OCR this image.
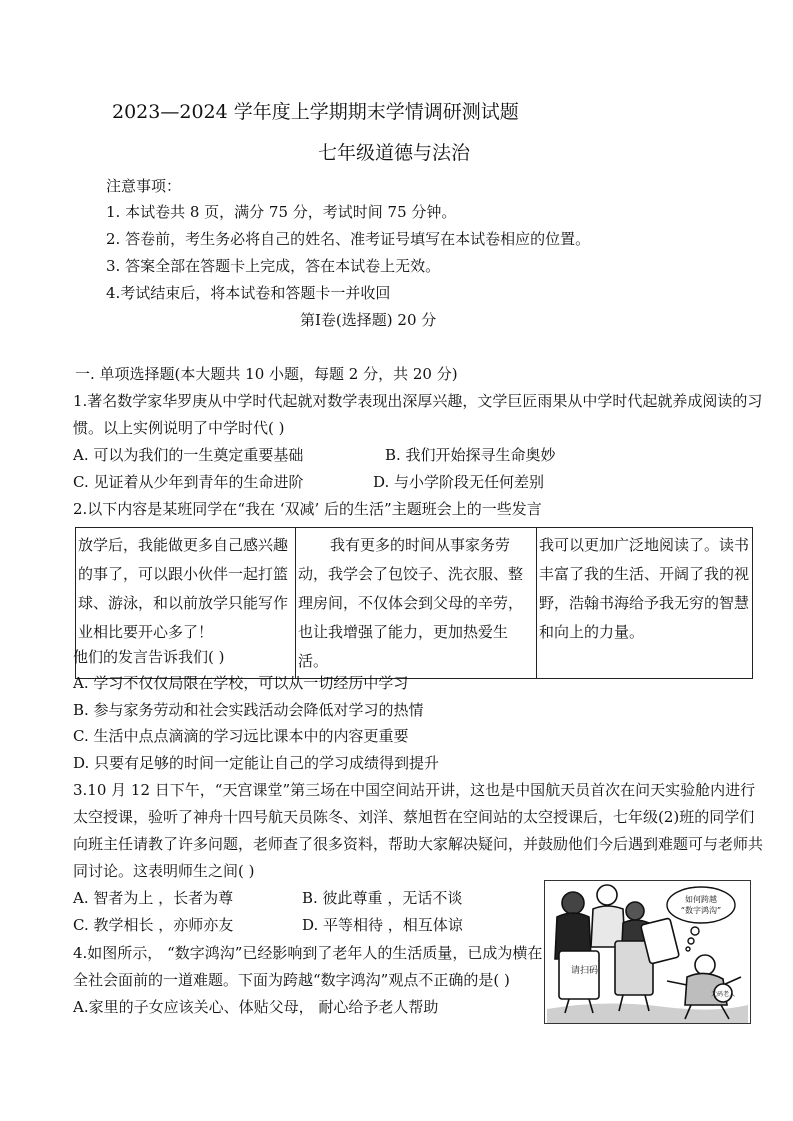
2023—2024 学年度上学期期末学情调研测试题
七年级道德与法治
注意事项：
1. 本试卷共 8 页，满分 75 分，考试时间 75 分钟。
2. 答卷前，考生务必将自己的姓名、准考证号填写在本试卷相应的位置。
3. 答案全部在答题卡上完成，答在本试卷上无效。
4.考试结束后，将本试卷和答题卡一并收回
第Ⅰ卷(选择题) 20 分
一. 单项选择题(本大题共 10 小题，每题 2 分，共 20 分)
1.著名数学家华罗庚从中学时代起就对数学表现出深厚兴趣，文学巨匠雨果从中学时代起就养成阅读的习
惯。以上实例说明了中学时代( )
A. 可以为我们的一生奠定重要基础	B. 我们开始探寻生命奥妙
C. 见证着从少年到青年的生命进阶	D. 与小学阶段无任何差别
2.以下内容是某班同学在“我在 ‘双减’ 后的生活”主题班会上的一些发言
放学后，我能做更多自己感兴趣的事了，可以跟小伙伴一起打篮球、游泳，和以前放学只能写作业相比要开心多了！	我有更多的时间从事家务劳动，我学会了包饺子、洗衣服、整理房间，不仅体会到父母的辛劳，也让我增强了能力，更加热爱生活。	我可以更加广泛地阅读了。读书丰富了我的生活、开阔了我的视野，浩翰书海给予我无穷的智慧和向上的力量。
他们的发言告诉我们( )
A. 学习不仅仅局限在学校，可以从一切经历中学习
B. 参与家务劳动和社会实践活动会降低对学习的热情
C. 生活中点点滴滴的学习远比课本中的内容更重要
D. 只要有足够的时间一定能让自己的学习成绩得到提升
3.10 月 12 日下午，“天宫课堂”第三场在中国空间站开讲，这也是中国航天员首次在问天实验舱内进行
太空授课，验听了神舟十四号航天员陈冬、刘洋、蔡旭哲在空间站的太空授课后，七年级(2)班的同学们
向班主任请教了许多问题，老师查了很多资料，帮助大家解决疑问，并鼓励他们今后遇到难题可与老师共
同讨论。这表明师生之间( )
A. 智者为上 ，长者为尊	B. 彼此尊重 ，无话不谈
C. 教学相长 ，亦师亦友	D. 平等相待 ，相互体谅
4.如图所示， “数字鸿沟”已经影响到了老年人的生活质量，已成为横在
全社会面前的一道难题。下面为跨越“数字鸿沟”观点不正确的是( )
A.家里的子女应该关心、体贴父母， 耐心给予老人帮助
请扫码
如何跨越
“数字鸿沟”
无码老人
